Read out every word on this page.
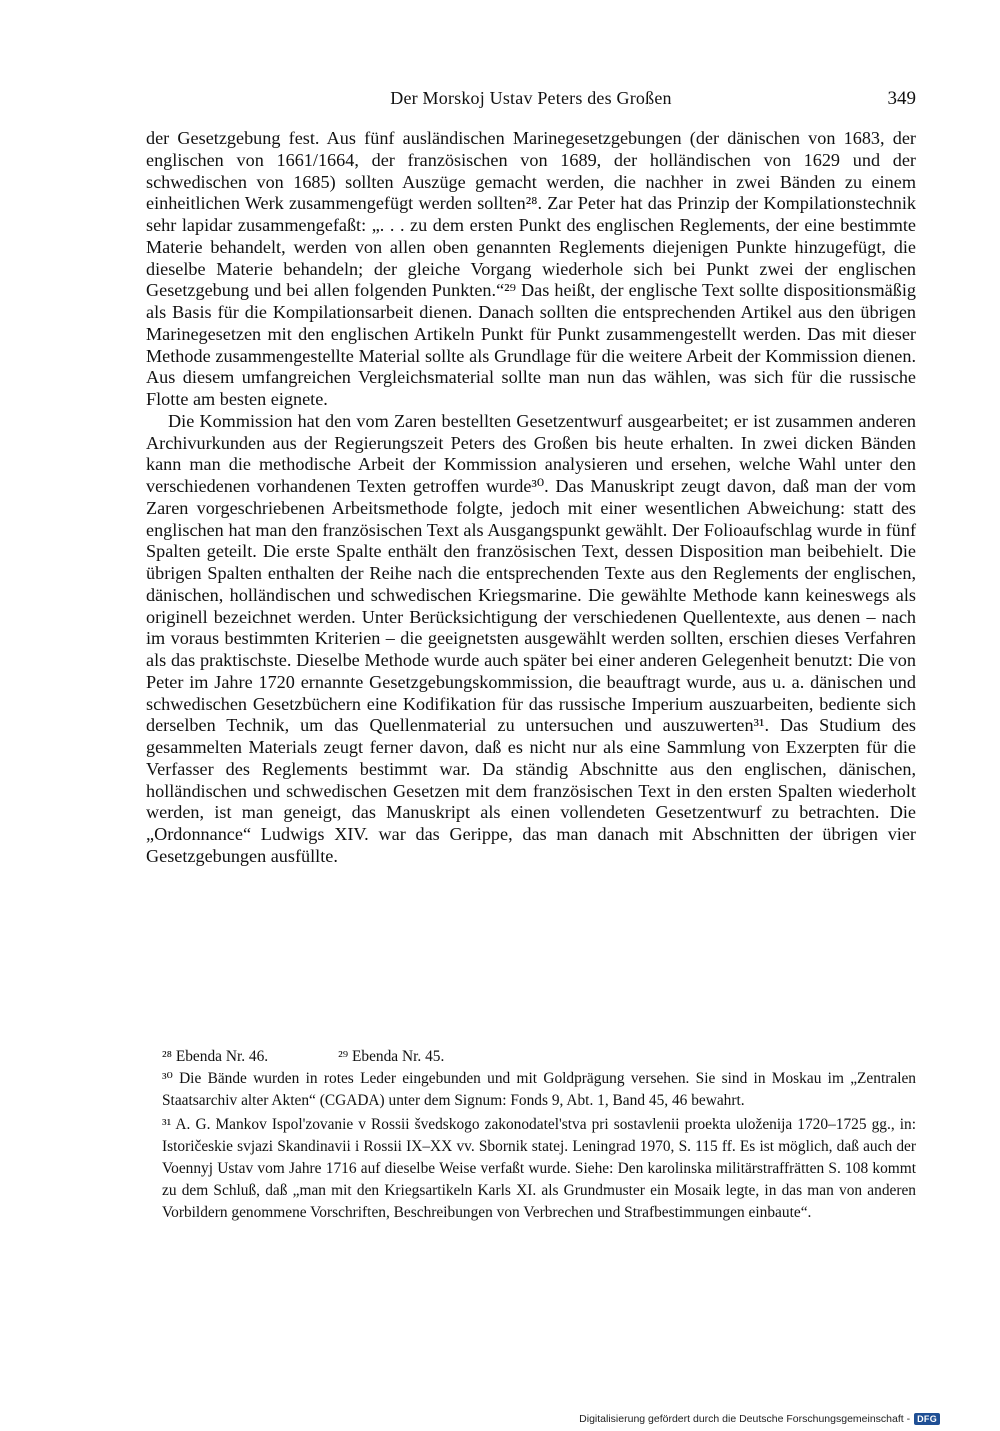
Der Morskoj Ustav Peters des Großen	349

der Gesetzgebung fest. Aus fünf ausländischen Marinegesetzgebungen (der dänischen von 1683, der englischen von 1661/1664, der französischen von 1689, der holländischen von 1629 und der schwedischen von 1685) sollten Auszüge gemacht werden, die nachher in zwei Bänden zu einem einheitlichen Werk zusammengefügt werden sollten²⁸. Zar Peter hat das Prinzip der Kompilationstechnik sehr lapidar zusammengefaßt: „. . . zu dem ersten Punkt des englischen Reglements, der eine bestimmte Materie behandelt, werden von allen oben genannten Reglements diejenigen Punkte hinzugefügt, die dieselbe Materie behandeln; der gleiche Vorgang wiederhole sich bei Punkt zwei der englischen Gesetzgebung und bei allen folgenden Punkten.“²⁹ Das heißt, der englische Text sollte dispositionsmäßig als Basis für die Kompilationsarbeit dienen. Danach sollten die entsprechenden Artikel aus den übrigen Marinegesetzen mit den englischen Artikeln Punkt für Punkt zusammengestellt werden. Das mit dieser Methode zusammengestellte Material sollte als Grundlage für die weitere Arbeit der Kommission dienen. Aus diesem umfangreichen Vergleichsmaterial sollte man nun das wählen, was sich für die russische Flotte am besten eignete.

Die Kommission hat den vom Zaren bestellten Gesetzentwurf ausgearbeitet; er ist zusammen anderen Archivurkunden aus der Regierungszeit Peters des Großen bis heute erhalten. In zwei dicken Bänden kann man die methodische Arbeit der Kommission analysieren und ersehen, welche Wahl unter den verschiedenen vorhandenen Texten getroffen wurde³⁰. Das Manuskript zeugt davon, daß man der vom Zaren vorgeschriebenen Arbeitsmethode folgte, jedoch mit einer wesentlichen Abweichung: statt des englischen hat man den französischen Text als Ausgangspunkt gewählt. Der Folioaufschlag wurde in fünf Spalten geteilt. Die erste Spalte enthält den französischen Text, dessen Disposition man beibehielt. Die übrigen Spalten enthalten der Reihe nach die entsprechenden Texte aus den Reglements der englischen, dänischen, holländischen und schwedischen Kriegsmarine. Die gewählte Methode kann keineswegs als originell bezeichnet werden. Unter Berücksichtigung der verschiedenen Quellentexte, aus denen – nach im voraus bestimmten Kriterien – die geeignetsten ausgewählt werden sollten, erschien dieses Verfahren als das praktischste. Dieselbe Methode wurde auch später bei einer anderen Gelegenheit benutzt: Die von Peter im Jahre 1720 ernannte Gesetzgebungskommission, die beauftragt wurde, aus u. a. dänischen und schwedischen Gesetzbüchern eine Kodifikation für das russische Imperium auszuarbeiten, bediente sich derselben Technik, um das Quellenmaterial zu untersuchen und auszuwerten³¹. Das Studium des gesammelten Materials zeugt ferner davon, daß es nicht nur als eine Sammlung von Exzerpten für die Verfasser des Reglements bestimmt war. Da ständig Abschnitte aus den englischen, dänischen, holländischen und schwedischen Gesetzen mit dem französischen Text in den ersten Spalten wiederholt werden, ist man geneigt, das Manuskript als einen vollendeten Gesetzentwurf zu betrachten. Die „Ordonnance“ Ludwigs XIV. war das Gerippe, das man danach mit Abschnitten der übrigen vier Gesetzgebungen ausfüllte.

²⁸ Ebenda Nr. 46.	²⁹ Ebenda Nr. 45.

³⁰ Die Bände wurden in rotes Leder eingebunden und mit Goldprägung versehen. Sie sind in Moskau im „Zentralen Staatsarchiv alter Akten“ (CGADA) unter dem Signum: Fonds 9, Abt. 1, Band 45, 46 bewahrt.

³¹ A. G. Mankov Ispol'zovanie v Rossii švedskogo zakonodatel'stva pri sostavlenii proekta uloženija 1720–1725 gg., in: Istoričeskie svjazi Skandinavii i Rossii IX–XX vv. Sbornik statej. Leningrad 1970, S. 115 ff. Es ist möglich, daß auch der Voennyj Ustav vom Jahre 1716 auf dieselbe Weise verfaßt wurde. Siehe: Den karolinska militärstraffrätten S. 108 kommt zu dem Schluß, daß „man mit den Kriegsartikeln Karls XI. als Grundmuster ein Mosaik legte, in das man von anderen Vorbildern genommene Vorschriften, Beschreibungen von Verbrechen und Strafbestimmungen einbaute“.

Digitalisierung gefördert durch die Deutsche Forschungsgemeinschaft - DFG
